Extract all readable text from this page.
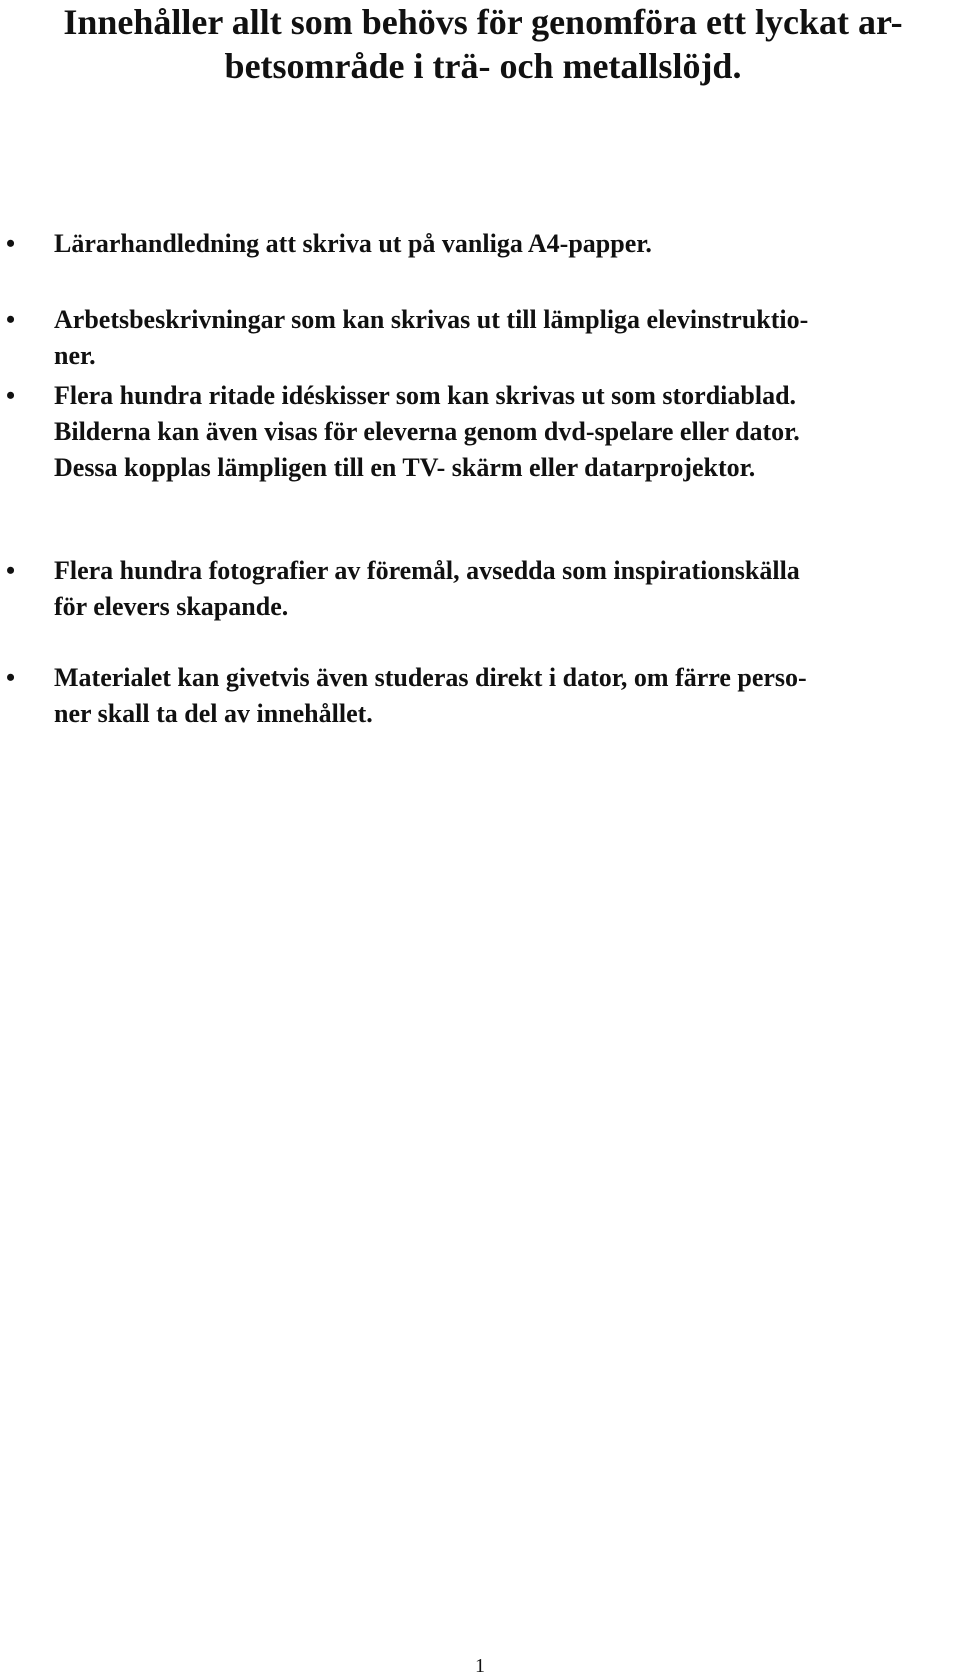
Innehåller allt som behövs för genomföra ett lyckat ar-
betsområde i trä- och metallslöjd.
• Lärarhandledning att skriva ut på vanliga A4-papper.
• Arbetsbeskrivningar som kan skrivas ut till lämpliga elevinstruktio-
ner.
• Flera hundra ritade idéskisser som kan skrivas ut som stordiablad.
Bilderna kan även visas för eleverna genom dvd-spelare eller dator.
Dessa kopplas lämpligen till en TV- skärm eller datarprojektor.
• Flera hundra fotografier av föremål, avsedda som inspirationskälla
för elevers skapande.
• Materialet kan givetvis även studeras direkt i dator, om färre perso-
ner skall ta del av innehållet.
1
